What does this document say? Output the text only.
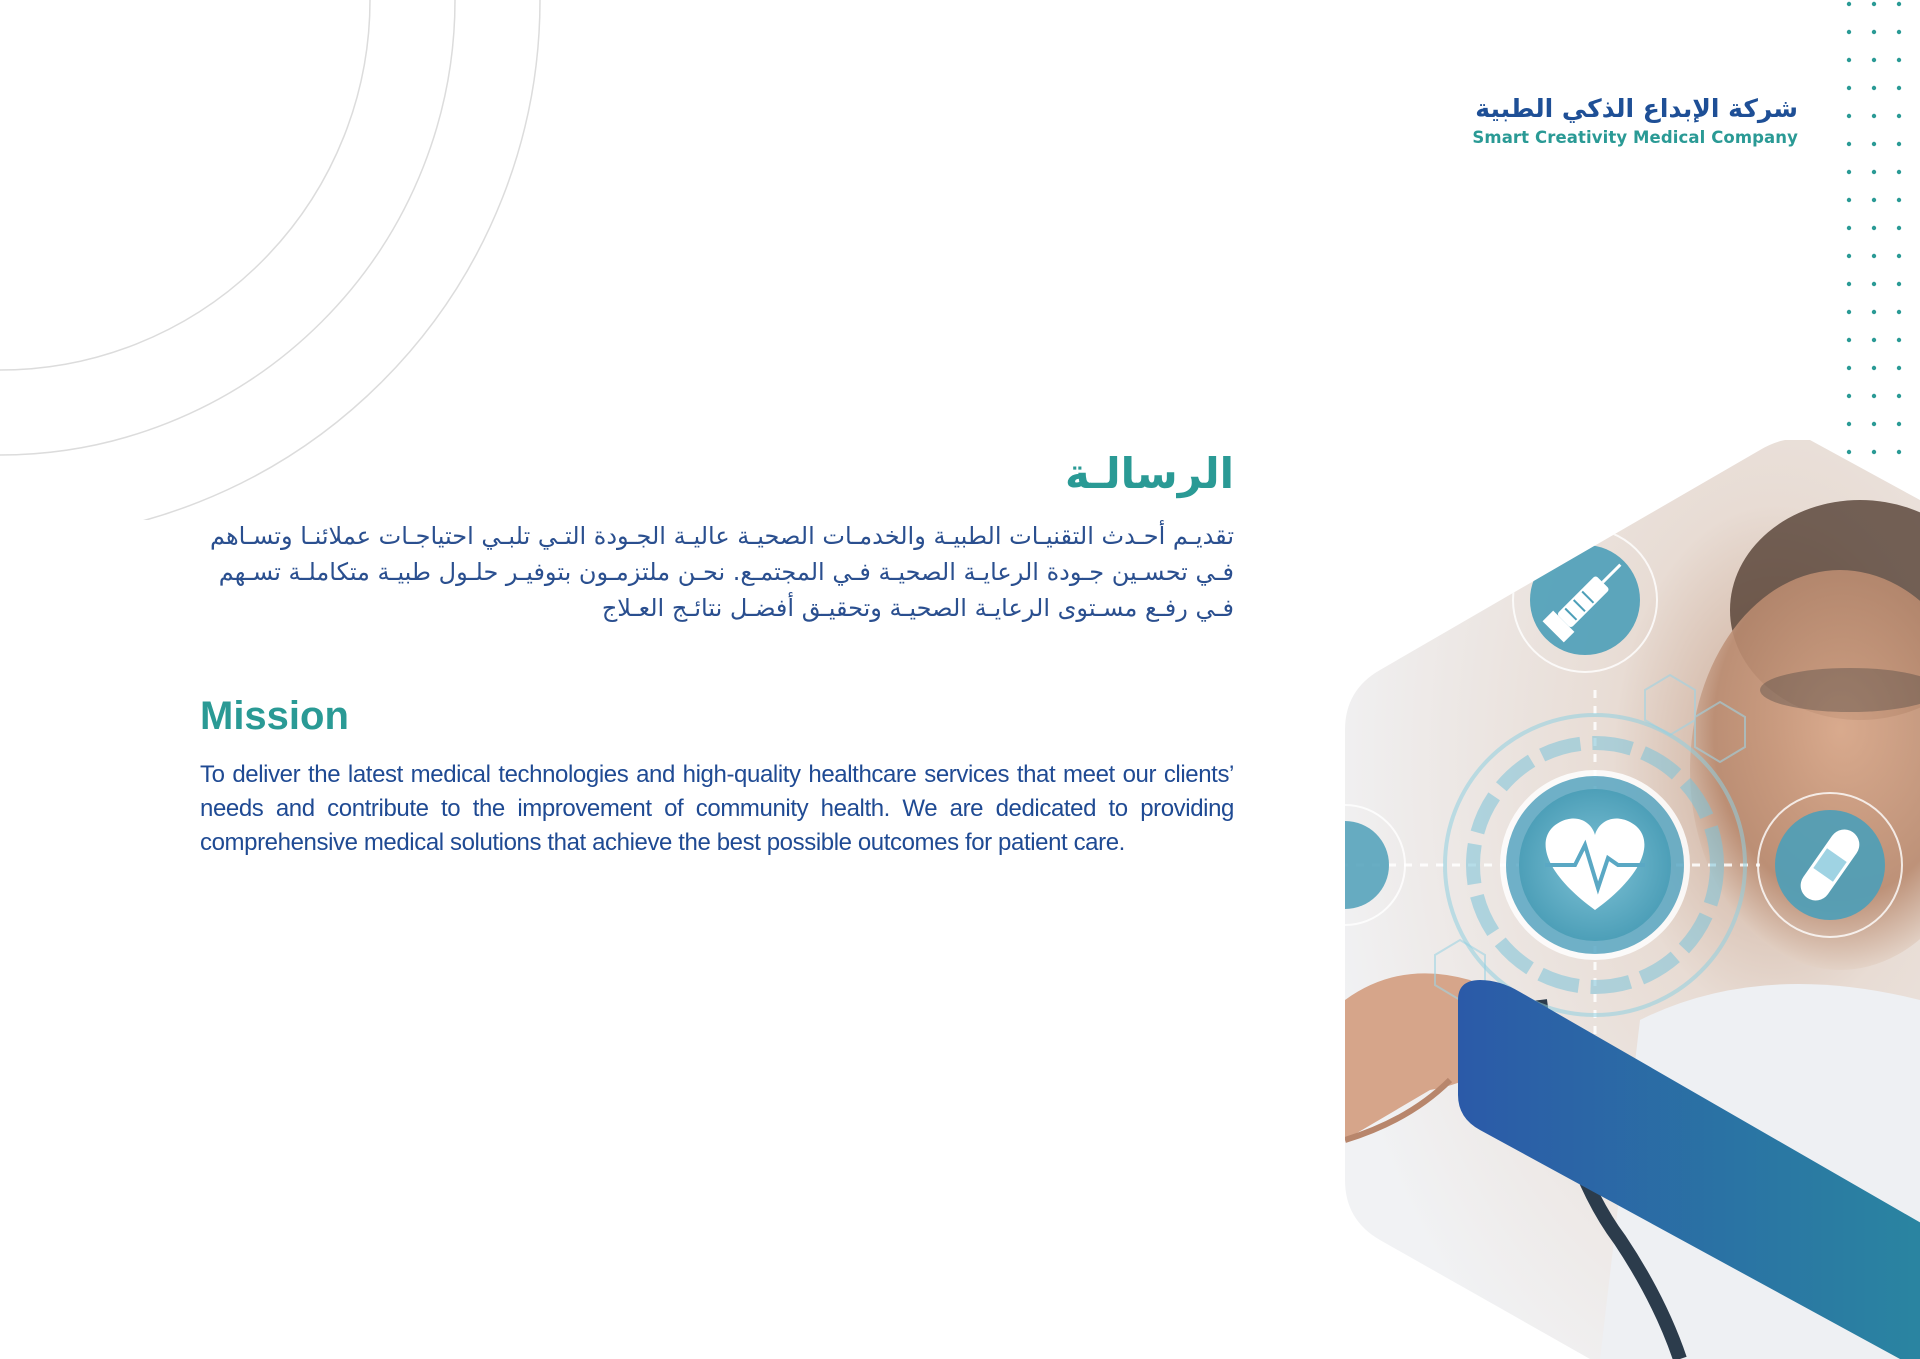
شركة الإبداع الذكي الطبية
Smart Creativity Medical Company
الرسالـة

تقديـم أحـدث التقنيـات الطبيـة والخدمـات الصحيـة عاليـة الجـودة التـي تلبـي احتياجـات عملائنـا وتسـاهم فـي تحسـين جـودة الرعايـة الصحيـة فـي المجتمـع. نحـن ملتزمـون بتوفيـر حلـول طبيـة متكاملـة تسـهم فـي رفـع مسـتوى الرعايـة الصحيـة وتحقيـق أفضـل نتائـج العـلاج

Mission

To deliver the latest medical technologies and high-quality healthcare services that meet our clients’ needs and contribute to the improvement of community health. We are dedicated to providing comprehensive medical solutions that achieve the best possible outcomes for patient care.
